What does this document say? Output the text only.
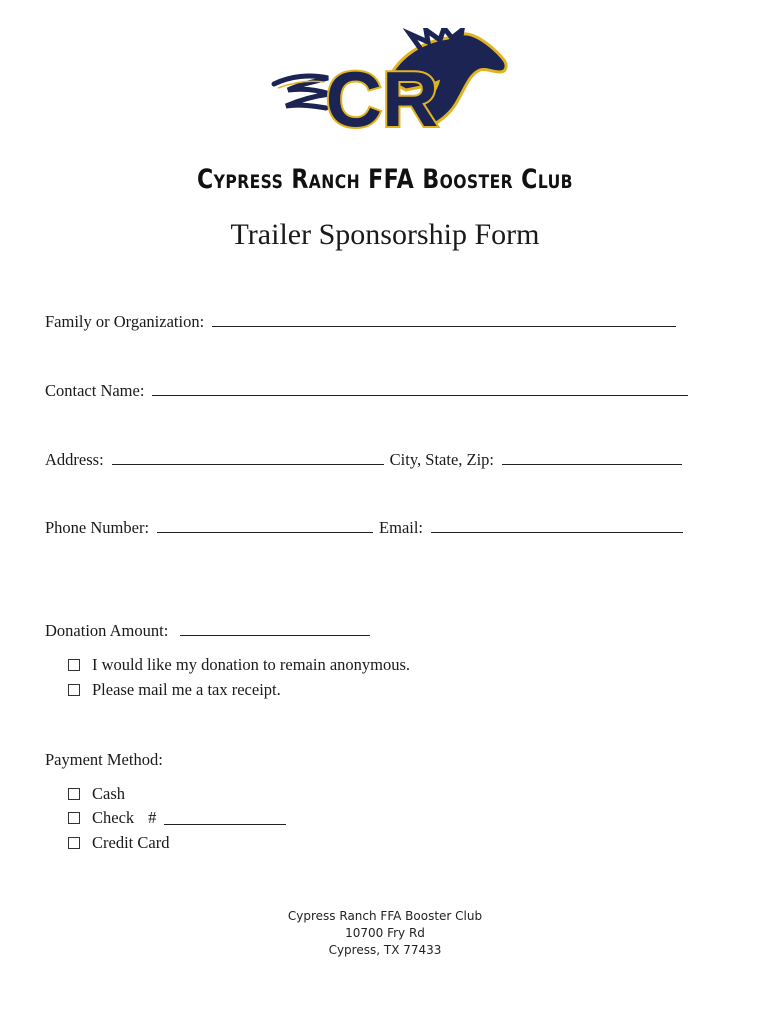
CR
Cypress Ranch FFA Booster Club
Trailer Sponsorship Form
Family or Organization:
Contact Name:
Address:	City, State, Zip:
Phone Number:	Email:
Donation Amount:
I would like my donation to remain anonymous.
Please mail me a tax receipt.
Payment Method:
Cash
Check #
Credit Card
Cypress Ranch FFA Booster Club
10700 Fry Rd
Cypress, TX 77433
